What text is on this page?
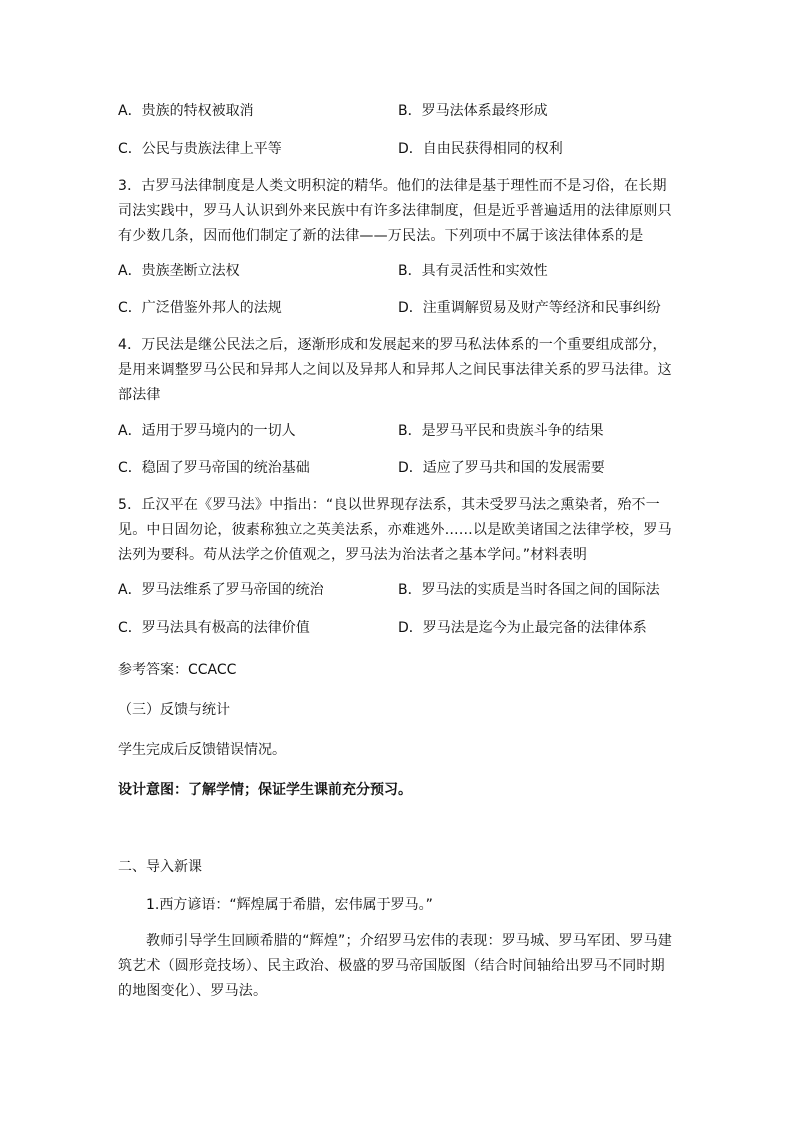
A．贵族的特权被取消	B．罗马法体系最终形成
C．公民与贵族法律上平等	D．自由民获得相同的权利
3．古罗马法律制度是人类文明积淀的精华。他们的法律是基于理性而不是习俗，在长期司法实践中，罗马人认识到外来民族中有许多法律制度，但是近乎普遍适用的法律原则只有少数几条，因而他们制定了新的法律——万民法。下列项中不属于该法律体系的是
A．贵族垄断立法权	B．具有灵活性和实效性
C．广泛借鉴外邦人的法规	D．注重调解贸易及财产等经济和民事纠纷
4．万民法是继公民法之后，逐渐形成和发展起来的罗马私法体系的一个重要组成部分，是用来调整罗马公民和异邦人之间以及异邦人和异邦人之间民事法律关系的罗马法律。这部法律
A．适用于罗马境内的一切人	B．是罗马平民和贵族斗争的结果
C．稳固了罗马帝国的统治基础	D．适应了罗马共和国的发展需要
5．丘汉平在《罗马法》中指出：“良以世界现存法系，其未受罗马法之熏染者，殆不一见。中日固勿论，彼素称独立之英美法系，亦难逃外……以是欧美诸国之法律学校，罗马法列为要科。苟从法学之价值观之，罗马法为治法者之基本学问。”材料表明
A．罗马法维系了罗马帝国的统治	B．罗马法的实质是当时各国之间的国际法
C．罗马法具有极高的法律价值	D．罗马法是迄今为止最完备的法律体系
参考答案：CCACC
（三）反馈与统计
学生完成后反馈错误情况。
设计意图：了解学情；保证学生课前充分预习。
二、导入新课
1.西方谚语：“辉煌属于希腊，宏伟属于罗马。”
教师引导学生回顾希腊的“辉煌”；介绍罗马宏伟的表现：罗马城、罗马军团、罗马建筑艺术（圆形竞技场）、民主政治、极盛的罗马帝国版图（结合时间轴给出罗马不同时期的地图变化）、罗马法。
